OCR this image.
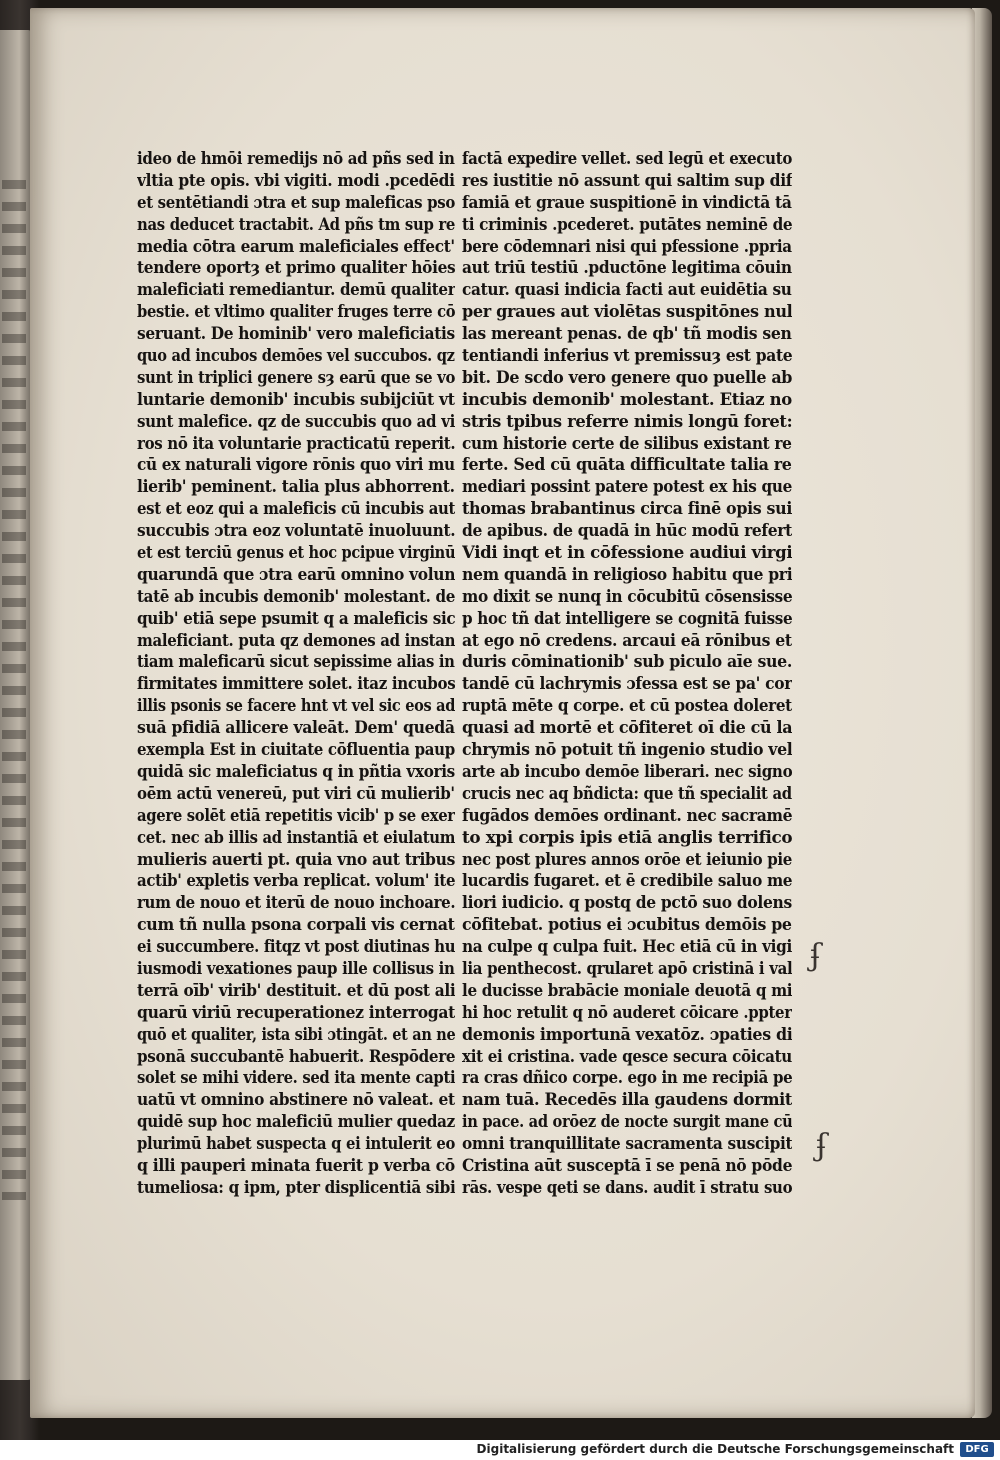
ideo de hmōi remedijs nō ad pñs sed in
vltia pte opis. vbi vigiti. modi .pcedēdi
et sentētiandi ɔtra et sup maleficas pso
nas deducet tractabit. Ad pñs tm sup re
media cōtra earum maleficiales effect'
tendere oportȝ et primo qualiter hōies
maleficiati remediantur. demū qualiter
bestie. et vltimo qualiter fruges terre cō
seruant. De hominib' vero maleficiatis
quo ad incubos demōes vel succubos. qz
sunt in triplici genere sȝ earū que se vo
luntarie demonib' incubis subijciūt vt
sunt malefice. qz de succubis quo ad vi
ros nō ita voluntarie practicatū reperit.
cū ex naturali vigore rōnis quo viri mu
lierib' peminent. talia plus abhorrent.
est et eoz qui a maleficis cū incubis aut
succubis ɔtra eoz voluntatē inuoluunt.
et est terciū genus et hoc pcipue virginū
quarundā que ɔtra earū omnino volun
tatē ab incubis demonib' molestant. de
quib' etiā sepe psumit q a maleficis sic
maleficiant. puta qz demones ad instan
tiam maleficarū sicut sepissime alias in
firmitates immittere solet. itaz incubos
illis psonis se facere hnt vt vel sic eos ad
suā pfidiā allicere valeāt. Dem' quedā
exempla Est in ciuitate cōfluentia paup
quidā sic maleficiatus q in pñtia vxoris
oēm actū venereū, put viri cū mulierib'
agere solēt etiā repetitis vicib' p se exer
cet. nec ab illis ad instantiā et eiulatum
mulieris auerti pt. quia vno aut tribus
actib' expletis verba replicat. volum' ite
rum de nouo et iterū de nouo inchoare.
cum tñ nulla psona corpali vis cernat
ei succumbere. fitqz vt post diutinas hu
iusmodi vexationes paup ille collisus in
terrā oīb' virib' destituit. et dū post ali
quarū viriū recuperationez interrogat
quō et qualiter, ista sibi ɔtingāt. et an ne
psonā succubantē habuerit. Respōdere
solet se mihi videre. sed ita mente capti
uatū vt omnino abstinere nō valeat. et
quidē sup hoc maleficiū mulier quedaz
plurimū habet suspecta q ei intulerit eo
q illi pauperi minata fuerit p verba cō
tumeliosa: q ipm, pter displicentiā sibi
factā expedire vellet. sed legū et executo
res iustitie nō assunt qui saltim sup dif
famiā et graue suspitionē in vindictā tā
ti criminis .pcederet. putātes neminē de
bere cōdemnari nisi qui pfessione .ppria
aut triū testiū .pductōne legitima cōuin
catur. quasi indicia facti aut euidētia su
per graues aut violētas suspitōnes nul
las mereant penas. de qb' tñ modis sen
tentiandi inferius vt premissuȝ est pate
bit. De scdo vero genere quo puelle ab
incubis demonib' molestant. Etiaz no
stris tpibus referre nimis longū foret:
cum historie certe de silibus existant re
ferte. Sed cū quāta difficultate talia re
mediari possint patere potest ex his que
thomas brabantinus circa finē opis sui
de apibus. de quadā in hūc modū refert
Vidi inqt et in cōfessione audiui virgi
nem quandā in religioso habitu que pri
mo dixit se nunq in cōcubitū cōsensisse
p hoc tñ dat intelligere se cognitā fuisse
at ego nō credens. arcaui eā rōnibus et
duris cōminationib' sub piculo aīe sue.
tandē cū lachrymis ɔfessa est se pa' cor
ruptā mēte q corpe. et cū postea doleret
quasi ad mortē et cōfiteret oī die cū la
chrymis nō potuit tñ ingenio studio vel
arte ab incubo demōe liberari. nec signo
crucis nec aq bñdicta: que tñ specialit ad
fugādos demōes ordinant. nec sacramē
to xpi corpis ipis etiā anglis terrifico
nec post plures annos orōe et ieiunio pie
lucardis fugaret. et ē credibile saluo me
liori iudicio. q postq de pctō suo dolens
cōfitebat. potius ei ɔcubitus demōis pe
na culpe q culpa fuit. Hec etiā cū in vigi
lia penthecost. qrularet apō cristinā i val
le ducisse brabācie moniale deuotā q mi
hi hoc retulit q nō auderet cōicare .ppter
demonis importunā vexatōz. ɔpaties di
xit ei cristina. vade qesce secura cōicatu
ra cras dñico corpe. ego in me recipiā pe
nam tuā. Recedēs illa gaudens dormit
in pace. ad orōez de nocte surgit mane cū
omni tranquillitate sacramenta suscipit
Cristina aūt susceptā ī se penā nō pōde
rās. vespe qeti se dans. audit ī stratu suo
ʄ
ʄ
Digitalisierung gefördert durch die Deutsche Forschungsgemeinschaft	DFG
